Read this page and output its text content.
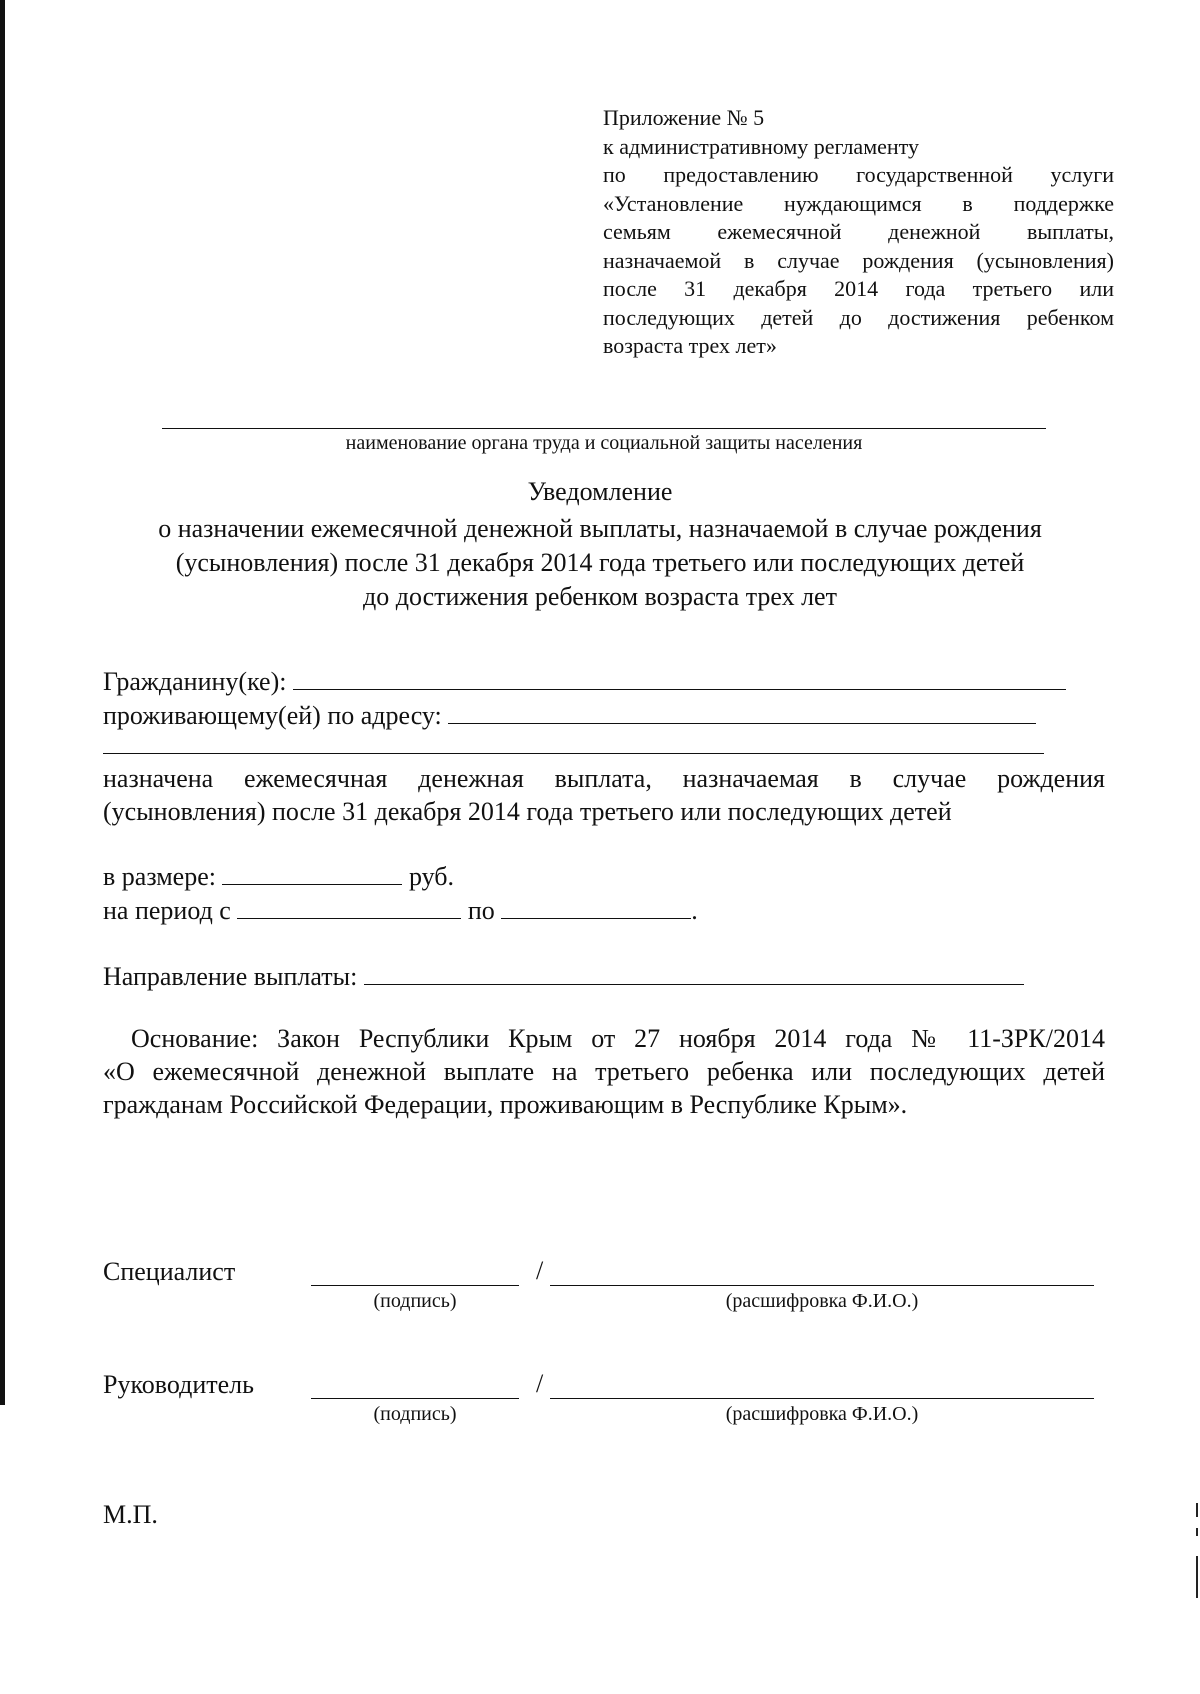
Приложение № 5
к административному регламенту
по предоставлению государственной услуги
«Установление нуждающимся в поддержке
семьям ежемесячной денежной выплаты,
назначаемой в случае рождения (усыновления)
после 31 декабря 2014 года третьего или
последующих детей до достижения ребенком
возраста трех лет»
наименование органа труда и социальной защиты населения
Уведомление
о назначении ежемесячной денежной выплаты, назначаемой в случае рождения
(усыновления) после 31 декабря 2014 года третьего или последующих детей
до достижения ребенком возраста трех лет
Гражданину(ке):
проживающему(ей) по адресу:
назначена ежемесячная денежная выплата, назначаемая в случае рождения
(усыновления) после 31 декабря 2014 года третьего или последующих детей
в размере:	руб.
на период с	по	.
Направление выплаты:
Основание: Закон Республики Крым от 27 ноября 2014 года № 11-ЗРК/2014
«О ежемесячной денежной выплате на третьего ребенка или последующих детей
гражданам Российской Федерации, проживающим в Республике Крым».
Специалист	/
(подпись)	(расшифровка Ф.И.О.)
Руководитель	/
(подпись)	(расшифровка Ф.И.О.)
М.П.
